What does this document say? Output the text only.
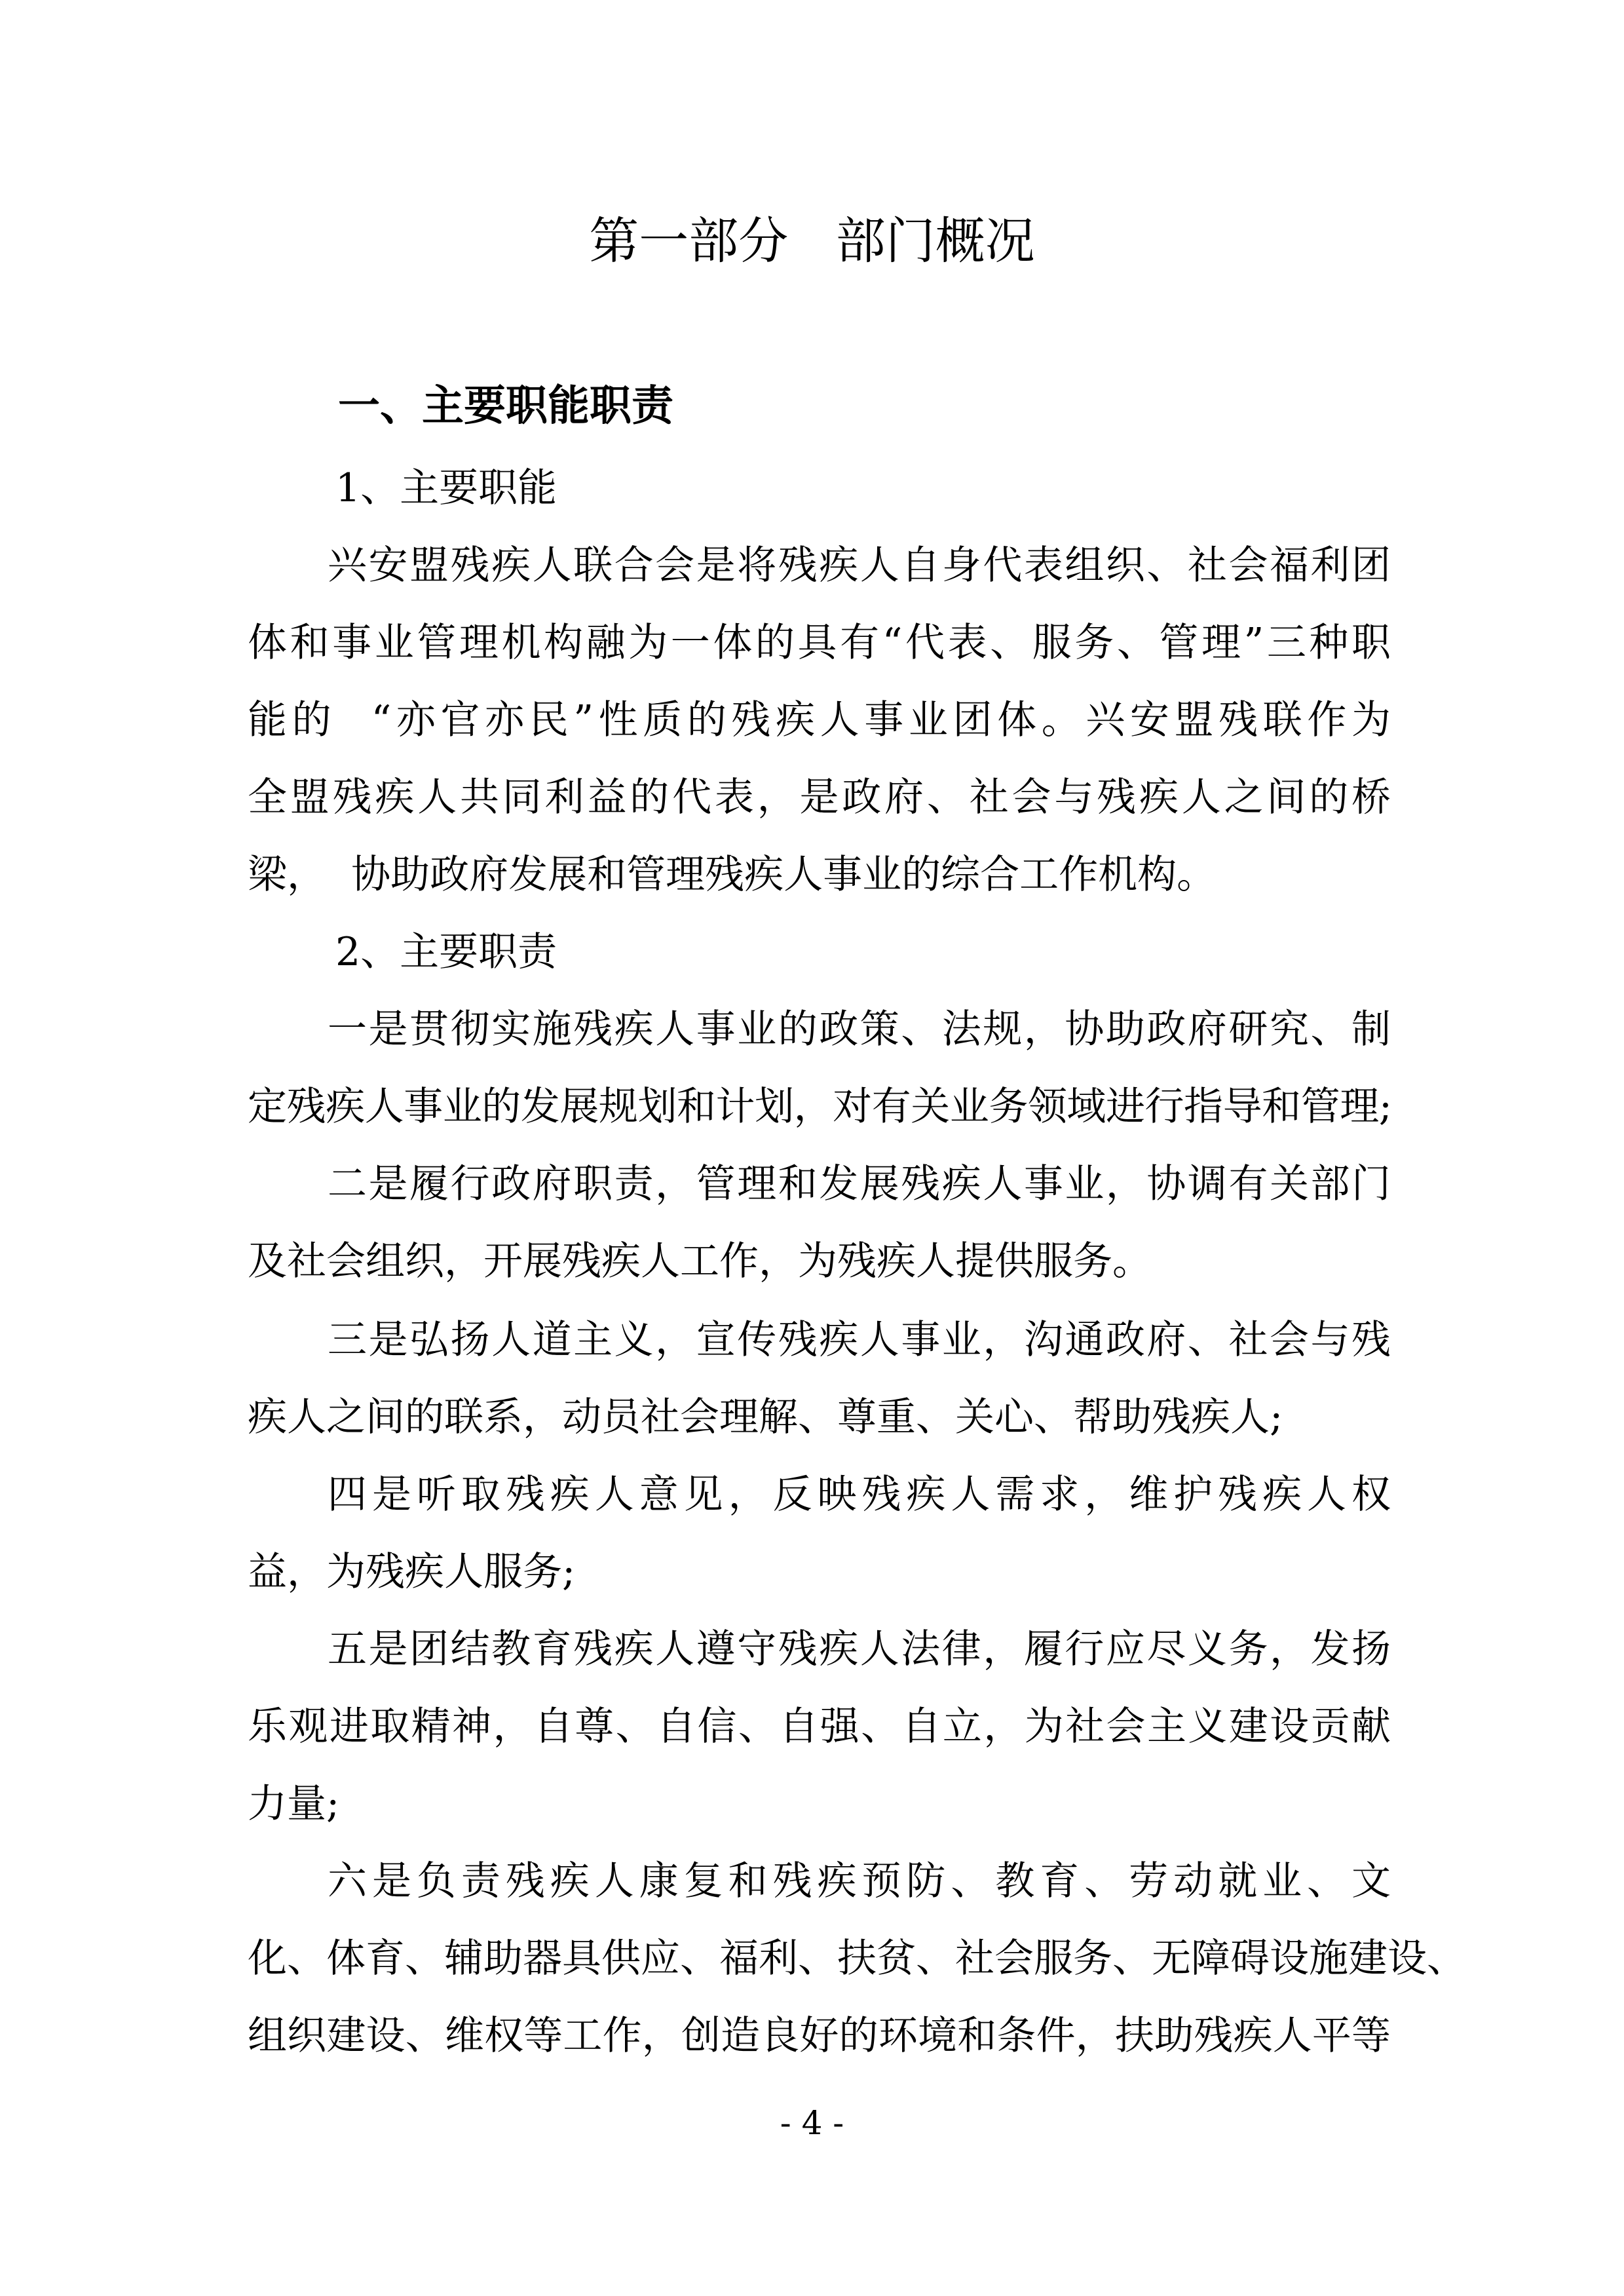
第一部分   部门概况
一、主要职能职责
1、主要职能
兴安盟残疾人联合会是将残疾人自身代表组织、社会福利团
体和事业管理机构融为一体的具有“代表、服务、管理”三种职
能的  “亦官亦民”性质的残疾人事业团体。兴安盟残联作为
全盟残疾人共同利益的代表，是政府、社会与残疾人之间的桥
梁，  协助政府发展和管理残疾人事业的综合工作机构。
2、主要职责
一是贯彻实施残疾人事业的政策、法规，协助政府研究、制
定残疾人事业的发展规划和计划，对有关业务领域进行指导和管理;
二是履行政府职责，管理和发展残疾人事业，协调有关部门
及社会组织，开展残疾人工作，为残疾人提供服务。
三是弘扬人道主义，宣传残疾人事业，沟通政府、社会与残
疾人之间的联系，动员社会理解、尊重、关心、帮助残疾人;
四是听取残疾人意见，反映残疾人需求，维护残疾人权
益，为残疾人服务;
五是团结教育残疾人遵守残疾人法律，履行应尽义务，发扬
乐观进取精神，自尊、自信、自强、自立，为社会主义建设贡献
力量;
六是负责残疾人康复和残疾预防、教育、劳动就业、文
化、体育、辅助器具供应、福利、扶贫、社会服务、无障碍设施建设、
组织建设、维权等工作，创造良好的环境和条件，扶助残疾人平等
- 4 -
